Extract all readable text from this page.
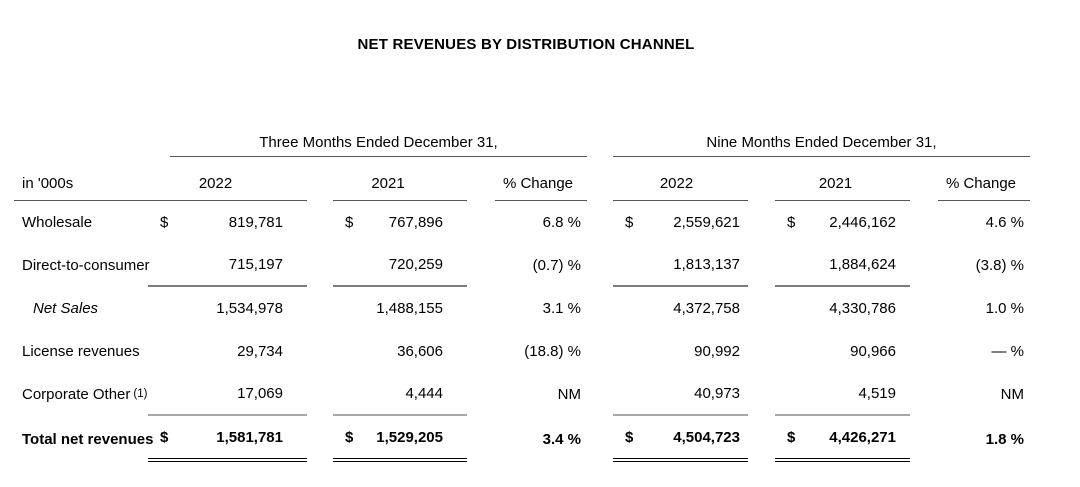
NET REVENUES BY DISTRIBUTION CHANNEL
Three Months Ended December 31,	Nine Months Ended December 31,
in '000s	2022	2021	% Change	2022	2021	% Change
Wholesale	$	819,781	$ 767,896	6.8 %	$	2,559,621	$ 2,446,162	4.6 %
Direct-to-consumer	715,197	720,259	(0.7) %	1,813,137	1,884,624	(3.8) %
Net Sales	1,534,978	1,488,155	3.1 %	4,372,758	4,330,786	1.0 %
License revenues	29,734	36,606	(18.8) %	90,992	90,966	— %
Corporate Other (1)	17,069	4,444	NM	40,973	4,519	NM
Total net revenues $	1,581,781	$ 1,529,205	3.4 %	$	4,504,723	$ 4,426,271	1.8 %
